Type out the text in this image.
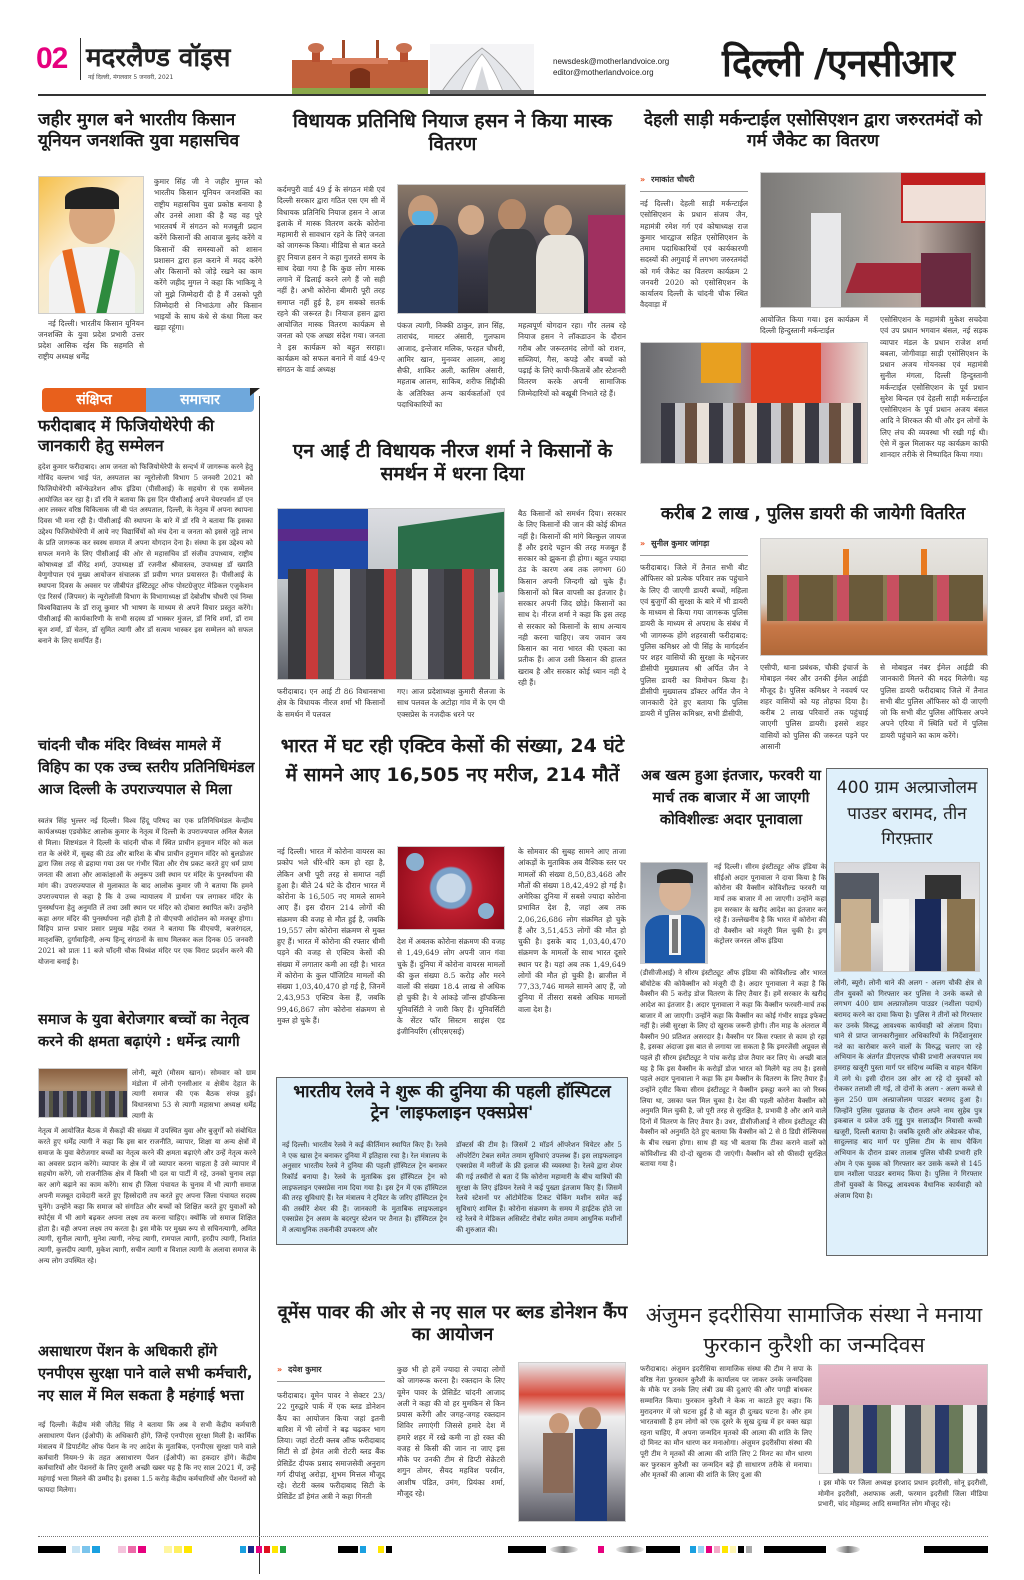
02 मदरलैण्ड वॉइस
नई दिल्ली, मंगलवार 5 जनवरी, 2021
newsdesk@motherlandvoice.org
editor@motherlandvoice.org दिल्ली /एनसीआर
जहीर मुगल बने भारतीय किसान यूनियन जनशक्ति युवा महासचिव
नई दिल्ली। भारतीय किसान यूनियन जनशक्ति के युवा प्रदेश प्रभारी उत्तर प्रदेश आसिक रईस कि सहमति से राष्ट्रीय अध्यक्ष धर्मेंद्र
कुमार सिंह जी ने जहीर मुगल को भारतीय किसान यूनियन जनशक्ति का राष्ट्रीय महासचिव युवा प्रकोष्ठ बनाया है और उनसे आशा की है यह वह पूरे भारतवर्ष में संगठन को मजबूती प्रदान करेंगे किसानों की आवाज बुलंद करेंगे व किसानों की समस्याओं को शासन प्रशासन द्वारा हल कराने में मदद करेंगे और किसानों को जोड़े रखने का काम करेंगे जहीद मुगल ने कहा कि भाकियू ने जो मुझे जिम्मेदारी दी है मैं उसको पूरी जिम्मेदारी से निभाऊंगा और किसान भाइयों के साथ कंधे से कंधा मिला कर खड़ा रहूंगा।
संक्षिप्त	समाचार
फरीदाबाद में फिजियोथेरेपी की जानकारी हेतु सम्मेलन
हृदेश कुमार फरीदाबाद। आम जनता को फिजियोथेरेपी के सन्दर्भ में जागरूक करने हेतु गोविंद वल्लभ भाई पंत, अस्पताल का न्यूरोलोजी विभाग 5 जनवरी 2021 को फिजियोथेरेपी कॉन्फेडरेशन ऑफ इंडिया (पीसीआई) के सहयोग से एक सम्मेलन आयोजित कर रहा है। डॉ रवि ने बताया कि इस दिन पीसीआई अपने चेयरपर्सन डॉ एन आर लस्कर वरिष्ठ चिकित्सक जी बी पंत अस्पताल, दिल्ली, के नेतृत्व में अपना स्थापना दिवस भी मना रही है। पीसीआई की स्थापना के बारे में डॉ रवि ने बताया कि इसका उद्देश्य फिजियोथेरेपी में आये नए विद्यार्थियों को मंच देना व जनता को इससे जुड़े लाभ के प्रति जागरूक कर स्वस्थ समाज में अपना योगदान देना है। संस्था के इस उद्देश्य को सफल मनाने के लिए पीसीआई की ओर से महासचिव डॉ संजीव उपाध्याय, राष्ट्रीय कोषाध्यक्ष डॉ वीरेंद्र शर्मा, उपाध्यक्ष डॉ रजनीश श्रीवास्तव, उपाध्यक्ष डॉ ख्याति वेणुगोपाल एवं मुख्य आयोजन संचालक डॉ प्रवीण भगत प्रयासरत हैं। पीसीआई के स्थापना दिवस के अवसर पर जीबीपंत इंस्टिट्यूट ऑफ पोस्टग्रेजुएट मेडिकल एजुकेशन एंड रिसर्च (जिपमर) के न्यूरोलॉजी विभाग के विभागाध्यक्ष डॉ देबोशीष चौधरी एवं निम्स विश्वविद्यालय के डॉ राजू कुमार भी भाषण के माध्यम से अपने विचार प्रस्तुत करेंगे। पीसीआई की कार्यकारिणी के सभी सदस्य डॉ भास्कर मुंजल, डॉ निधि शर्मा, डॉ राम बृज शर्मा, डॉ चेतन, डॉ सुमित त्यागी और डॉ सत्यम भास्कर इस सम्मेलन को सफल बनाने के लिए समर्पित हैं।
चांदनी चौक मंदिर विध्वंस मामले में विहिप का एक उच्च स्तरीय प्रतिनिधिमंडल आज दिल्ली के उपराज्यपाल से मिला
स्वतंत्र सिंह भुल्लर नई दिल्ली। विश्व हिंदू परिषद का एक प्रतिनिधिमंडल केन्द्रीय कार्यअध्यक्ष एडवोकेट आलोक कुमार के नेतृत्व में दिल्ली के उपराज्यपाल अनिल बैजल से मिला। शिष्टमंडल ने दिल्ली के चांदनी चौक में स्थित प्राचीन हनुमान मंदिर को कल रात के अंधेरे में, सुबह की ठंड और बारिश के बीच प्राचीन हनुमान मंदिर को बुलडोजर द्वारा जिस तरह से ढहाया गया उस पर गंभीर चिंता और रोष प्रकट करते हुए धर्म प्राण जनता की आशा और आकांक्षाओं के अनुरूप उसी स्थान पर मंदिर के पुनर्स्थापना की मांग की। उपराज्यपाल से मुलाकात के बाद आलोक कुमार जी ने बताया कि हमने उपराज्यपाल से कहा है कि वे उच्च न्यायालय में प्रार्थना पत्र लगाकर मंदिर के पुनर्स्थापना हेतु अनुमति लें तथा उसी स्थान पर मंदिर को दोबारा स्थापित करें। उन्होंने कहा अगर मंदिर की पुनर्स्थापना नही होती है तो वीएचपी आंदोलन को मजबूर होगा। विहिप प्रान्त प्रचार प्रसार प्रमुख महेंद्र रावत ने बताया कि वीएचपी, बजरंगदल, मातृशक्ति, दुर्गावाहिनी, अन्य हिन्दू संगठनों के साथ मिलकर कल दिनक 05 जनवरी 2021 को प्रातः 11 बजे चाँदनी चौक विध्वंश मंदिर पर एक विराट प्रदर्शन करने की योजना बनाई है।
समाज के युवा बेरोजगार बच्चों का नेतृत्व करने की क्षमता बढ़ाएंगे : धर्मेन्द्र त्यागी
लोनी, ब्यूरो (मौसम खान)। सोमवार को ग्राम मंडोला में लोनी एनसीआर व क्षेत्रीय देहात के त्यागी समाज की एक बैठक संपन्न हुई। विधानसभा 53 से त्यागी महासभा अध्यक्ष धर्मेंद्र त्यागी के
नेतृत्व में आयोजित बैठक में सैकड़ों की संख्या में उपस्थित युवा और बुजुर्गों को संबोधित करते हुए धर्मेंद्र त्यागी ने कहा कि इस बार राजनीति, व्यापार, शिक्षा या अन्य क्षेत्रों में समाज के युवा बेरोजगार बच्चों का नेतृत्व करने की क्षमता बढ़ाएंगे और उन्हें नेतृत्व करने का अवसर प्रदान करेंगे। व्यापार के क्षेत्र में जो व्यापार करना चाहता है उसे व्यापार में सहयोग करेंगे, जो राजनीतिक क्षेत्र में किसी भी दल या पार्टी में रहे, उनको चुनाव लड़ा कर आगे बढ़ाने का काम करेंगे। साथ ही जिला पंचायत के चुनाव में भी त्यागी समाज अपनी मजबूत दावेदारी करते हुए हिस्सेदारी तय करते हुए अपना जिला पंचायत सदस्य चुनेंगे। उन्होंने कहा कि समाज को संगठित और बच्चों को शिक्षित करते हुए युवाओं को स्पोर्ट्स में भी आगे बढ़कर अपना लक्ष्य तय करना चाहिए। क्योंकि जो समाज शिक्षित होता है। वही अपना लक्ष्य तय करता है। इस मौके पर मुख्य रूप से सचिनत्यागी, अमित त्यागी, सुनील त्यागी, मुनेश त्यागी, नरेन्द्र त्यागी, रामपाल त्यागी, हरदीप त्यागी, निशांत त्यागी, कुलदीप त्यागी, मुकेश त्यागी, सचीन त्यागी व विशाल त्यागी के अलावा समाज के अन्य लोग उपस्थित रहे।
असाधारण पेंशन के अधिकारी होंगे एनपीएस सुरक्षा पाने वाले सभी कर्मचारी, नए साल में मिल सकता है महंगाई भत्ता
नई दिल्ली। केंद्रीय मंत्री जीतेंद्र सिंह ने बताया कि अब वे सभी केंद्रीय कर्मचारी असाधारण पेंशन (ईओपी) के अधिकारी होंगे, जिन्हें एनपीएस सुरक्षा मिली है। कार्मिक मंत्रालय में डिपार्टमेंट ऑफ पेंशन के नए आदेश के मुताबिक, एनपीएस सुरक्षा पाने वाले कर्मचारी नियम-9 के तहत असाधारण पेंशन (ईओपी) का हकदार होंगे। केंद्रीय कर्मचारियों और पेंशनरों के लिए दूसरी अच्छी खबर यह है कि नए साल 2021 में, उन्हें महंगाई भत्ता मिलने की उम्मीद है। इसका 1.5 करोड़ केंद्रीय कर्मचारियों और पेंशनरों को फायदा मिलेगा।
विधायक प्रतिनिधि नियाज हसन ने किया मास्क वितरण
कर्दमपुरी वार्ड 49 ई के संगठन मंत्री एवं दिल्ली सरकार द्वारा गठित एस एम सी में विधायक प्रतिनिधि नियाज हसन ने आज इलाके में मास्क वितरण करके कोरोना महामारी से सावधान रहने के लिऐ जनता को जागरूक किया। मीडिया से बात करते हुए नियाज हसन ने कहा गुजरते समय के साथ देखा गया है कि कुछ लोग मास्क लगाने में ढिलाई करने लगे हैं जो सही नहीं है। अभी कोरोना बीमारी पूरी तरह समाप्त नहीं हुई है, हम सबको सतर्क रहने की जरूरत है। नियाज हसन द्वारा आयोजित मास्क वितरण कार्यक्रम से जनता को एक अच्छा संदेश गया। जनता ने इस कार्यक्रम को बहुत सराहा। कार्यक्रम को सफल बनाने में वार्ड 49-ए संगठन के वार्ड अध्यक्ष
पंकज त्यागी, निक्की ठाकुर, ज्ञान सिंह, ताराचंद, मास्टर अंसारी, गुलफाम आजाद, इन्तेजार मलिक, फरहत चौधरी, आमिर खान, मुनव्वर आलम, आशू सैफी, शाकिर अली, कासिम अंसारी, महताब आलम, साकिब, शरीफ सिद्दीकी के अतिरिक्त अन्य कार्यकर्ताओं एवं पदाधिकारियों का
महत्वपूर्ण योगदान रहा। गौर तलब रहे नियाज हसन ने लॉकडाउन के दौरान गरीब और जरूरतमंद लोगों को राशन, सब्जियां, गैस, कपड़े और बच्चों को पढ़ाई के लिऐ कापी-किताबें और स्टेशनरी वितरण करके अपनी सामाजिक जिम्मेदारियों को बखूबी निभाते रहे हैं।
एन आई टी विधायक नीरज शर्मा ने किसानों के समर्थन में धरना दिया
फरीदाबाद। एन आई टी 86 विधानसभा क्षेत्र के विधायक नीरज शर्मा भी किसानों के समर्थन में पलवल
गए। आज प्रदेशाध्यक्ष कुमारी सैलजा के साथ पलवल के अटोहा गांव में के एम पी एक्सप्रेस के नजदीक धरने पर
बैठ किसानों को समर्थन दिया। सरकार के लिए किसानों की जान की कोई कीमत नहीं है। किसानों की मांगे बिल्कुल जायज हैं और इरादे चट्टान की तरह मजबूत हैं सरकार को झुकना ही होगा। बहुत ज्यादा ठंड के कारण अब तक लगभग 60 किसान अपनी जिन्दगी खो चुके हैं। किसानों को बिल वापसी का इंतजार है। सरकार अपनी जिद छोड़े। किसानों का साथ दे। नीरज शर्मा ने कहा कि इस तरह से सरकार को किसानों के साथ अन्याय नही करना चाहिए। जय जवान जय किसान का नारा भारत की एकता का प्रतीक हैं। आज उसी किसान की हालत खराब है और सरकार कोई ध्यान नही दे रही हैं।
भारत में घट रही एक्टिव केसों की संख्या, 24 घंटे में सामने आए 16,505 नए मरीज, 214 मौतें
नई दिल्ली। भारत में कोरोना वायरस का प्रकोप भले धीरे-धीरे कम हो रहा है, लेकिन अभी पूरी तरह से समाप्त नहीं हुआ है। बीते 24 घंटे के दौरान भारत में कोरोना के 16,505 नए मामले सामने आए हैं। इस दौरान 214 लोगों की संक्रमण की वजह से मौत हुई है, जबकि 19,557 लोग कोरोना संक्रमण से मुक्त हुए हैं। भारत में कोरोना की रफ्तार धीमी पड़ने की वजह से एक्टिव केसों की संख्या में लगातार कमी आ रही है। भारत में कोरोना के कुल पॉजिटिव मामलों की संख्या 1,03,40,470 हो गई है, जिनमें 2,43,953 एक्टिव केस हैं, जबकि 99,46,867 लोग कोरोना संक्रमण से मुक्त हो चुके हैं।
देश में अबतक कोरोना संक्रमण की वजह से 1,49,649 लोग अपनी जान गंवा चुके हैं। दुनिया में कोरोना वायरस मामलों की कुल संख्या 8.5 करोड़ और मरने वालों की संख्या 18.4 लाख से अधिक हो चुकी है। ये आंकड़े जॉन्स हॉपकिन्स यूनिवर्सिटी ने जारी किए हैं। यूनिवर्सिटी के सेंटर फॉर सिस्टम साइंस एंड इंजीनियरिंग (सीएसएसई)
के सोमवार की सुबह सामने आए ताजा आंकड़ों के मुताबिक अब वैश्विक स्तर पर मामलों की संख्या 8,50,83,468 और मौतों की संख्या 18,42,492 हो गई है। अमेरिका दुनिया में सबसे ज्यादा कोरोना प्रभावित देश है, जहां अब तक 2,06,26,686 लोग संक्रमित हो चुके हैं और 3,51,453 लोगों की मौत हो चुकी है। इसके बाद 1,03,40,470 संक्रमण के मामलों के साथ भारत दूसरे स्थान पर है। यहां अब तक 1,49,649 लोगों की मौत हो चुकी है। ब्राजील में 77,33,746 मामले सामने आए हैं, जो दुनिया में तीसरा सबसे अधिक मामलों वाला देश है।
भारतीय रेलवे ने शुरू की दुनिया की पहली हॉस्पिटल ट्रेन 'लाइफलाइन एक्सप्रेस'
नई दिल्ली। भारतीय रेलवे ने कई कीर्तिमान स्थापित किए हैं। रेलवे ने एक खास ट्रेन बनाकर दुनिया में इतिहास रचा है। रेल मंत्रालय के अनुसार भारतीय रेलवे ने दुनिया की पहली हॉस्पिटल ट्रेन बनाकर रिकॉर्ड बनाया है। रेलवे के मुताबिक इस हॉस्पिटल ट्रेन को लाइफलाइन एक्सप्रेस नाम दिया गया है। इस ट्रेन में एक हॉस्पिटल की तरह सुविधाएं हैं। रेल मंत्रालय ने ट्विटर के जरिए हॉस्पिटल ट्रेन की तस्वीरें शेयर की हैं। जानकारी के मुताबिक लाइफलाइन एक्सप्रेस ट्रेन असम के बदरपुर स्टेशन पर तैनात है। हॉस्पिटल ट्रेन में अत्याधुनिक तकनीकी उपकरण और
डॉक्टर्स की टीम है। जिसमें 2 मॉडर्न ऑपरेशन थियेटर और 5 ऑपरेटिंग टेबल समेत तमाम सुविधाएं उपलब्ध हैं। इस लाइफलाइन एक्सप्रेस में मरीजों के फ्री इलाज की व्यवस्था है। रेलवे द्वारा शेयर की गई तस्वीरों से बता दें कि कोरोना महामारी के बीच यात्रियों की सुरक्षा के लिए इंडियन रेलवे ने कई पुख्ता इंतजाम किए हैं। जिसमें रेलवे स्टेशनों पर ऑटोमेटिक टिकट चेकिंग मशीन समेत कई सुविधाएं शामिल हैं। कोरोना संक्रमण के समय में हाईटेक होते जा रहे रेलवे ने मेडिकल असिस्टेंट रोबोट समेत तमाम आधुनिक मशीनों की शुरुआत की।
वूमेंस पावर की ओर से नए साल पर ब्लड डोनेशन कैंप का आयोजन
» दयेश कुमार
फरीदाबाद। वूमेन पावर ने सेक्टर 23/ 22 गुरुद्वारे पार्क में एक ब्लड डोनेशन कैंप का आयोजन किया जहां इतनी बारिश में भी लोगों ने बढ़ चढ़कर भाग लिया। जहां रोटरी क्लब ऑफ फरीदाबाद सिटी से डॉ हेमंत अत्री रोटरी ब्लड बैंक प्रेसिडेंट दीपक प्रसाद समाजसेवी अनुराग गर्ग दीपांशु अरोड़ा, शुभम मित्तल मौजूद रहे। रोटरी क्लब फरीदाबाद सिटी के प्रेसिडेंट डॉ हेमंत अत्री ने कहा गिनती
कुछ भी हो हमें ज्यादा से ज्यादा लोगों को जागरूक करना है। रक्तदान के लिए वूमेन पावर के प्रेसिडेंट चांदनी आजाद अली ने कहा की वो हर मुमकिन से किन प्रयास करेंगी और जगह-जगह रक्तदान शिविर लगाएंगी जिससे हमारे देश में हमारे शहर में रखे कमी ना हो रक्त की वजह से किसी की जान ना जाए इस मौके पर उनकी टीम से डिप्टी सेक्रेटरी शगुन तोमर, सैयद महविश परवीन, आशीष पंडित, उमंग, प्रियंका शर्मा, मौजूद रहे।
देहली साड़ी मर्कन्टाईल एसोसिएशन द्वारा जरुरतमंदों को गर्म जैकेट का वितरण
» रमाकांत चौधरी
नई दिल्ली। देहली साड़ी मर्कन्टाईल एसोसिएशन के प्रधान संजय जैन, महामंत्री रमेश गर्ग एवं कोषाध्यक्ष राज कुमार भारद्वाज सहित एसोसिएशन के तमाम पदाधिकारियों एवं कार्यकारणी सदस्यों की अगुवाई में लगभग जरुरतमंदों को गर्म जैकेट का वितरण कार्यक्रम 2 जनवरी 2020 को एसोसिएशन के कार्यालय दिल्ली के चांदनी चौक स्थित वैदवाड़ा में
आयोजित किया गया। इस कार्यक्रम में दिल्ली हिन्दुस्तानी मर्कन्टाईल
एसोसिएशन के महामंत्री मुकेश सचदेवा एवं उप प्रधान भगवान बंसल, नई सड़क व्यापार मंडल के प्रधान राजेश शर्मा बबला, जोगीवाड़ा साड़ी एसोसिएशन के प्रधान अजय गोयनका एवं महामंत्री सुनील मंगला, दिल्ली हिन्दुस्तानी मर्कन्टाईल एसोसिएशन के पूर्व प्रधान सुरेश बिन्दल एवं देहली साड़ी मर्कन्टाईल एसोसिएशन के पूर्व प्रधान अजय बंसल आदि ने शिरकत की थी और इन लोगों के लिए लंच की व्यवस्था भी रखी गई थी। ऐसे में कुल मिलाकर यह कार्यक्रम काफी शानदार तरीके से निष्पादित किया गया।
करीब 2 लाख , पुलिस डायरी की जायेगी वितरित
» सुनील कुमार जांगड़ा
फरीदाबाद। जिले में तैनात सभी बीट ऑफिसर को प्रत्येक परिवार तक पहुंचाने के लिए दी जाएगी डायरी बच्चों, महिला एवं बुजुर्गों की सुरक्षा के बारे में भी डायरी के माध्यम से किया गया जागरूक पुलिस डायरी के माध्यम से अपराध के संबंध में भी जागरूक होंगे शहरवासी फरीदाबाद: पुलिस कमिश्नर ओ पी सिंह के मार्गदर्शन पर शहर वासियों की सुरक्षा के मद्देनजर डीसीपी मुख्यालय श्री अर्पित जैन ने पुलिस डायरी का विमोचन किया है। डीसीपी मुख्यालय डॉक्टर अर्पित जैन ने जानकारी देते हुए बताया कि पुलिस डायरी में पुलिस कमिश्नर, सभी डीसीपी,
एसीपी, थाना प्रबंधक, चौकी इंचार्ज के मोबाइल नंबर और उनकी ईमेल आईडी मौजूद है। पुलिस कमिश्नर ने नववर्ष पर शहर वासियों को यह तोहफा दिया है। करीब 2 लाख परिवारों तक पहुंचाई जाएगी पुलिस डायरी। इससे शहर वासियों को पुलिस की जरूरत पड़ने पर आसानी
से मोबाइल नंबर ईमेल आईडी की जानकारी मिलने की मदद मिलेगी। यह पुलिस डायरी फरीदाबाद जिले में तैनात सभी बीट पुलिस ऑफिसर को दी जाएगी जो कि सभी बीट पुलिस ऑफिसर अपने अपने एरिया में स्थिति घरों में पुलिस डायरी पहुंचाने का काम करेंगे।
अब खत्म हुआ इंतजार, फरवरी या मार्च तक बाजार में आ जाएगी कोविशील्डः अदार पूनावाला
नई दिल्ली। सीरम इंस्टीट्यूट ऑफ इंडिया के सीईओ अदार पूनावाला ने दावा किया है कि कोरोना की वैक्सीन कोविशील्ड फरवरी या मार्च तक बाजार में आ जाएगी। उन्होंने कहा हम सरकार के खरीद आदेश का इंतजार कर रहे हैं। उल्लेखनीय है कि भारत में कोरोना की दो वैक्सीन को मंजूरी मिल चुकी है। ड्रग कंट्रोलर जनरल ऑफ इंडिया
(डीसीजीआई) ने सीरम इंस्टीट्यूट ऑफ इंडिया की कोविशील्ड और भारत बॉयोटेक की कोवैक्सीन को मंजूरी दी है। अदार पूनावाला ने कहा है कि वैक्सीन की 5 करोड़ डोज वितरण के लिए तैयार हैं। हमें सरकार के खरीद आदेश का इंतजार है। अदार पूनावाला ने कहा कि वैक्सीन फरवरी-मार्च तक बाजार में आ जाएगी। उन्होंने कहा कि वैक्सीन का कोई गंभीर साइड इफेक्ट नहीं है। लंबी सुरक्षा के लिए दो खुराक जरूरी होगी। तीन माह के अंतराल में वैक्सीन 90 प्रतिशत असरदार है। वैक्सीन पर किस रफ्तार से काम हो रहा है, इसका अंदाजा इस बात से लगाया जा सकता है कि इमरजेंसी अप्रूवल से पहले ही सीरम इंस्टीट्यूट ने पांच करोड़ डोज तैयार कर लिए थे। अच्छी बात यह है कि इस वैक्सीन के करोड़ों डोज भारत को मिलेंगे यह तय है। इससे पहले अदार पूनावाला ने कहा कि हम वैक्सीन के वितरण के लिए तैयार हैं। उन्होंने ट्वीट किया सीरम इंस्टीट्यूट ने वैक्सीन इकट्ठा करने का जो रिस्क लिया था, उसका फल मिल चुका है। देश की पहली कोरोना वैक्सीन को अनुमति मिल चुकी है, जो पूरी तरह से सुरक्षित है, प्रभावी है और आने वाले दिनों में वितरण के लिए तैयार है। उधर, डीसीजीआई ने सीरम इंस्टीट्यूट की वैक्सीन को अनुमति देते हुए बताया कि वैक्सीन को 2 से 8 डिग्री सेल्सियस के बीच रखना होगा। साथ ही यह भी बताया कि टीका कराने वालों को कोविशील्ड की दो-दो खुराक दी जाएंगी। वैक्सीन को सौ फीसदी सुरक्षित बताया गया है।
400 ग्राम अल्प्राजोलम पाउडर बरामद, तीन गिरफ़्तार
लोनी, ब्यूरो। लोनी थाने की अलग - अलग चौकी क्षेत्र से तीन युवकों को गिरफ्तार कर पुलिस ने उनके कब्जे से लगभग 400 ग्राम अल्प्राजोलम पाउडर (नशीला पदार्थ) बरामद करने का दावा किया है। पुलिस ने तीनों को गिरफ्तार कर उनके विरुद्ध आवश्यक कार्यवाही को अंजाम दिया। थाने से प्राप्त जानकारीनुसार अधिकारियों के निर्देशानुसार नशे का कारोबार करने वालों के विरुद्ध चलाए जा रहे अभियान के अंतर्गत डीएलएफ चौकी प्रभारी अजयपाल मय हमराह खजूरी पुस्ता मार्ग पर संदिग्ध व्यक्ति व वाहन चैकिंग में लगे थे। इसी दौरान उस ओर आ रहे दो युवकों को रोककर तलाशी ली गई, तो दोनों के अलग - अलग कब्जे से कुल 250 ग्राम अल्प्राजोलम पाउडर बरामद हुआ है। जिन्होंने पुलिस पूछताछ के दौरान अपने नाम सुहेब पुत्र इकबाल व प्रवेज उर्फ गुड्डू पुत्र सलाउद्दीन निवासी कच्ची खजूरी, दिल्ली बताया है। जबकि दूसरी ओर अंबेडकर चौक, सादुल्लाह बाद मार्ग पर पुलिस टीम के साथ चैकिंग अभियान के दौरान डाबर तालाब पुलिस चौकी प्रभारी हरि ओम ने एक युवक को गिरफ्तार कर उसके कब्जे से 145 ग्राम नशीला पाउडर बरामद किया है। पुलिस ने गिरफ्तार तीनों युवकों के विरुद्ध आवश्यक वैधानिक कार्यवाही को अंजाम दिया है।
अंजुमन इदरीसिया सामाजिक संस्था ने मनाया फुरकान कुरैशी का जन्मदिवस
फरीदाबाद। अंजुमन इदरीसिया सामाजिक संस्था की टीम ने सपा के वरिष्ठ नेता फुरकान कुरैशी के कार्यालय पर जाकर उनके जन्मदिवस के मौके पर उनके लिए लंबी उम्र की दुआएं की और पगड़ी बांधकर सम्मानित किया। फुरकान कुरैशी ने केक ना काटते हुए कहा। कि मुरादनगर में जो घटना हुई है वो बहुत ही दुःखद घटना है। और हम भारतवासी हैं हम लोगो को एक दूसरे के सुख दुःख में हर वक्त खड़ा रहना चाहिए, मैं अपना जन्मदिन मृतको की आत्मा की शांति के लिए दो मिनट का मौन धारण कर मनाओगा। अंजुमन इदरीसीया संस्था की पूरी टीम ने मृतकों की आत्मा की शांति लिए 2 मिनट का मौन धारण कर फुरकान कुरैशी का जन्मदिन बड़े ही साधारण तरीके से मनाया। और मृतकों की आत्मा की शांति के लिए दुआ की
। इस मौके पर जिला अध्यक्ष इरशाद प्रधान इदरीसी, सोनू इदरीसी, मोमीन इदरीसी, अशफाक अली, फरमान इदरीसी जिला मीडिया प्रभारी, चांद मोहम्मद आदि सम्मानित लोग मौजूद रहे।
